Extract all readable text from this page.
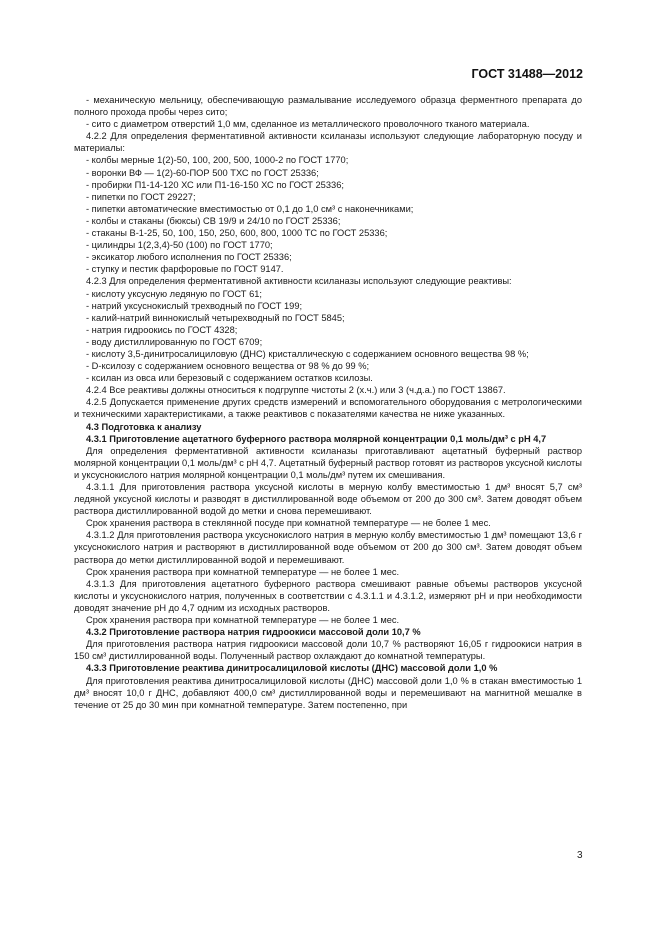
ГОСТ 31488—2012

- механическую мельницу, обеспечивающую размалывание исследуемого образца ферментного препарата до полного прохода пробы через сито;

- сито с диаметром отверстий 1,0 мм, сделанное из металлического проволочного тканого материала.

4.2.2 Для определения ферментативной активности ксиланазы используют следующие лабораторную посуду и материалы:

- колбы мерные 1(2)-50, 100, 200, 500, 1000-2 по ГОСТ 1770;

- воронки ВФ — 1(2)-60-ПОР 500 ТХС по ГОСТ 25336;

- пробирки П1-14-120 ХС или П1-16-150 ХС по ГОСТ 25336;

- пипетки по ГОСТ 29227;

- пипетки автоматические вместимостью от 0,1 до 1,0 см³ с наконечниками;

- колбы и стаканы (бюксы) СВ 19/9 и 24/10 по ГОСТ 25336;

- стаканы В-1-25, 50, 100, 150, 250, 600, 800, 1000 ТС по ГОСТ 25336;

- цилиндры 1(2,3,4)-50 (100) по ГОСТ 1770;

- эксикатор любого исполнения по ГОСТ 25336;

- ступку и пестик фарфоровые по ГОСТ 9147.

4.2.3 Для определения ферментативной активности ксиланазы используют следующие реактивы:

- кислоту уксусную ледяную по ГОСТ 61;

- натрий уксуснокислый трехводный по ГОСТ 199;

- калий-натрий виннокислый четырехводный по ГОСТ 5845;

- натрия гидроокись по ГОСТ 4328;

- воду дистиллированную по ГОСТ 6709;

- кислоту 3,5-динитросалициловую (ДНС) кристаллическую с содержанием основного вещества 98 %;

- D-ксилозу с содержанием основного вещества от 98 % до 99 %;

- ксилан из овса или березовый с содержанием остатков ксилозы.

4.2.4 Все реактивы должны относиться к подгруппе чистоты 2 (х.ч.) или 3 (ч.д.а.) по ГОСТ 13867.

4.2.5 Допускается применение других средств измерений и вспомогательного оборудования с метрологическими и техническими характеристиками, а также реактивов с показателями качества не ниже указанных.

4.3 Подготовка к анализу

4.3.1 Приготовление ацетатного буферного раствора молярной концентрации 0,1 моль/дм³ с рН 4,7

Для определения ферментативной активности ксиланазы приготавливают ацетатный буферный раствор молярной концентрации 0,1 моль/дм³ с рН 4,7. Ацетатный буферный раствор готовят из растворов уксусной кислоты и уксуснокислого натрия молярной концентрации 0,1 моль/дм³ путем их смешивания.

4.3.1.1 Для приготовления раствора уксусной кислоты в мерную колбу вместимостью 1 дм³ вносят 5,7 см³ ледяной уксусной кислоты и разводят в дистиллированной воде объемом от 200 до 300 см³. Затем доводят объем раствора дистиллированной водой до метки и снова перемешивают.

Срок хранения раствора в стеклянной посуде при комнатной температуре — не более 1 мес.

4.3.1.2 Для приготовления раствора уксуснокислого натрия в мерную колбу вместимостью 1 дм³ помещают 13,6 г уксуснокислого натрия и растворяют в дистиллированной воде объемом от 200 до 300 см³. Затем доводят объем раствора до метки дистиллированной водой и перемешивают.

Срок хранения раствора при комнатной температуре — не более 1 мес.

4.3.1.3 Для приготовления ацетатного буферного раствора смешивают равные объемы растворов уксусной кислоты и уксуснокислого натрия, полученных в соответствии с 4.3.1.1 и 4.3.1.2, измеряют рН и при необходимости доводят значение рН до 4,7 одним из исходных растворов.

Срок хранения раствора при комнатной температуре — не более 1 мес.

4.3.2 Приготовление раствора натрия гидроокиси массовой доли 10,7 %

Для приготовления раствора натрия гидроокиси массовой доли 10,7 % растворяют 16,05 г гидроокиси натрия в 150 см³ дистиллированной воды. Полученный раствор охлаждают до комнатной температуры.

4.3.3 Приготовление реактива динитросалициловой кислоты (ДНС) массовой доли 1,0 %

Для приготовления реактива динитросалициловой кислоты (ДНС) массовой доли 1,0 % в стакан вместимостью 1 дм³ вносят 10,0 г ДНС, добавляют 400,0 см³ дистиллированной воды и перемешивают на магнитной мешалке в течение от 25 до 30 мин при комнатной температуре. Затем постепенно, при

3
